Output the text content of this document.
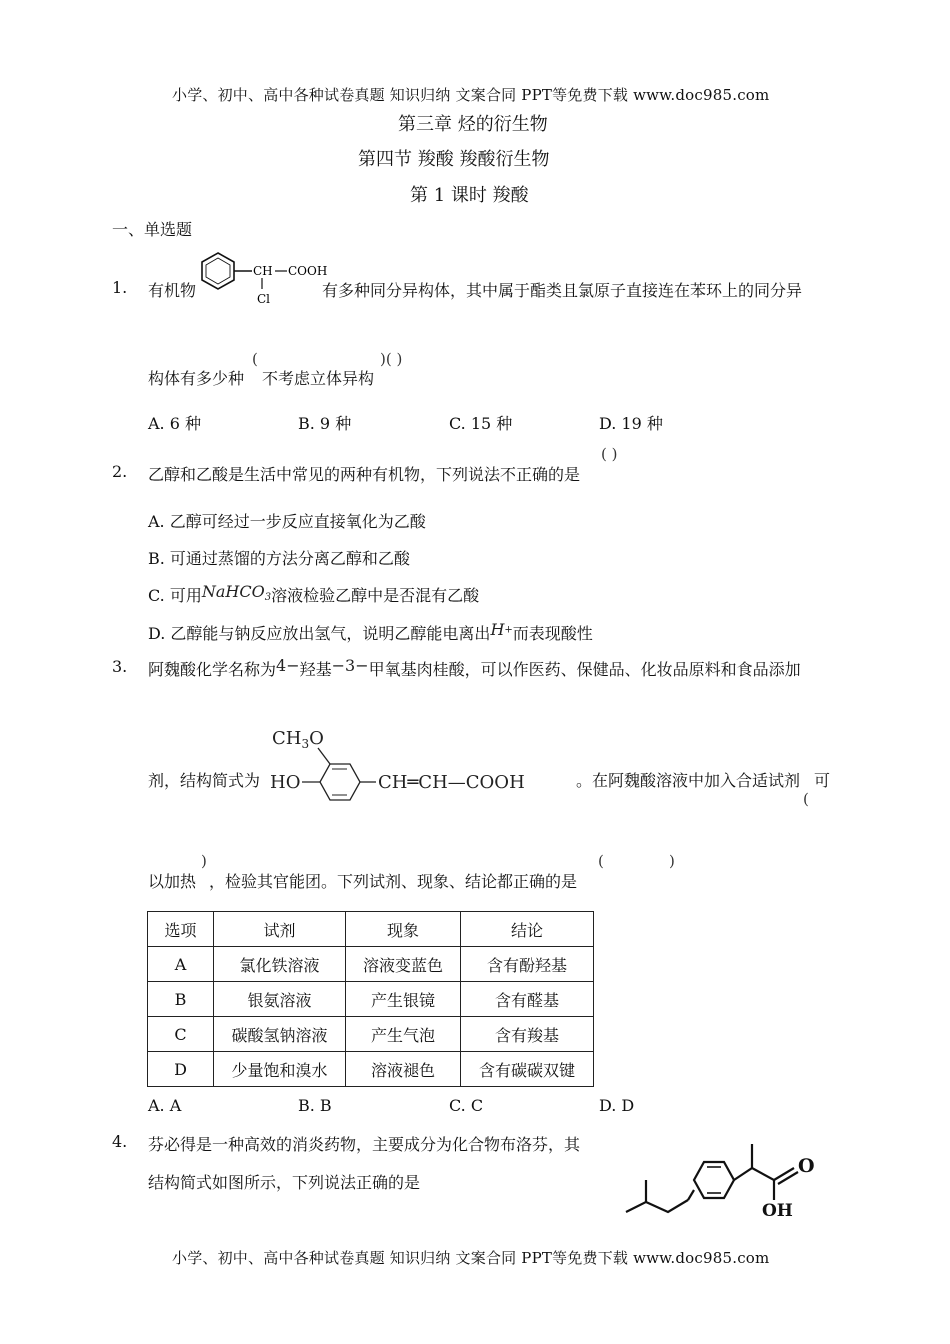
小学、初中、高中各种试卷真题 知识归纳 文案合同 PPT等免费下载 www.doc985.com
小学、初中、高中各种试卷真题 知识归纳 文案合同 PPT等免费下载 www.doc985.com
第三章 烃的衍生物
第四节 羧酸 羧酸衍生物
第 1 课时 羧酸
一、单选题
1. 有机物
CH COOH
Cl	有多种同分异构体，其中属于酯类且氯原子直接连在苯环上的同分异
构体有多少种
(
不考虑立体异构
)( )
A. 6 种	B. 9 种	C. 15 种	D. 19 种
2. 乙醇和乙酸是生活中常见的两种有机物，下列说法不正确的是
( )
A. 乙醇可经过一步反应直接氧化为乙酸
B. 可通过蒸馏的方法分离乙醇和乙酸
C. 可用NaHCO$_3$溶液检验乙醇中是否混有乙酸
D. 乙醇能与钠反应放出氢气，说明乙醇能电离出H+而表现酸性
3. 阿魏酸化学名称为4−羟基−3−甲氧基肉桂酸，可以作医药、保健品、化妆品原料和食品添加
剂，结构简式为
$CH_3O$
HO	CH═CH—COOH	。在阿魏酸溶液中加入合适试剂 可
(
以加热
)
，检验其官能团。下列试剂、现象、结论都正确的是
(	)
选项	试剂	现象	结论
A	氯化铁溶液	溶液变蓝色	含有酚羟基
B	银氨溶液	产生银镜	含有醛基
C	碳酸氢钠溶液	产生气泡	含有羧基
D	少量饱和溴水	溶液褪色	含有碳碳双键
A. A	B. B	C. C	D. D
4. 芬必得是一种高效的消炎药物，主要成分为化合物布洛芬，其
结构简式如图所示，下列说法正确的是
O
OH
